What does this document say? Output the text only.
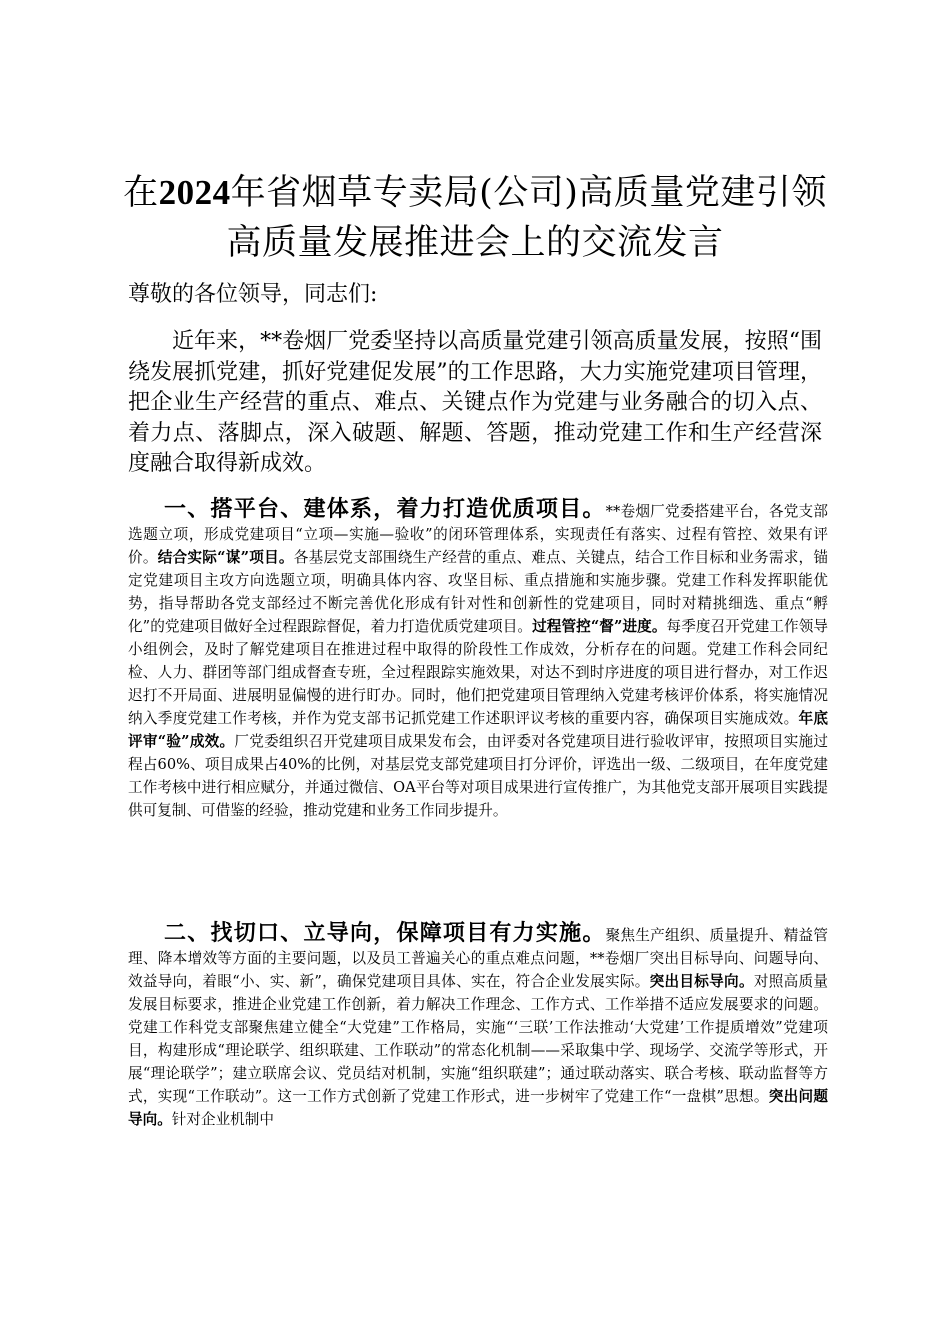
在2024年省烟草专卖局(公司)高质量党建引领
高质量发展推进会上的交流发言

尊敬的各位领导，同志们:

近年来，**卷烟厂党委坚持以高质量党建引领高质量发展，按照“围绕发展抓党建，抓好党建促发展”的工作思路，大力实施党建项目管理，把企业生产经营的重点、难点、关键点作为党建与业务融合的切入点、着力点、落脚点，深入破题、解题、答题，推动党建工作和生产经营深度融合取得新成效。

一、搭平台、建体系，着力打造优质项目。**卷烟厂党委搭建平台，各党支部选题立项，形成党建项目“立项—实施—验收”的闭环管理体系，实现责任有落实、过程有管控、效果有评价。结合实际“谋”项目。各基层党支部围绕生产经营的重点、难点、关键点，结合工作目标和业务需求，锚定党建项目主攻方向选题立项，明确具体内容、攻坚目标、重点措施和实施步骤。党建工作科发挥职能优势，指导帮助各党支部经过不断完善优化形成有针对性和创新性的党建项目，同时对精挑细选、重点“孵化”的党建项目做好全过程跟踪督促，着力打造优质党建项目。过程管控“督”进度。每季度召开党建工作领导小组例会，及时了解党建项目在推进过程中取得的阶段性工作成效，分析存在的问题。党建工作科会同纪检、人力、群团等部门组成督查专班，全过程跟踪实施效果，对达不到时序进度的项目进行督办，对工作迟迟打不开局面、进展明显偏慢的进行盯办。同时，他们把党建项目管理纳入党建考核评价体系，将实施情况纳入季度党建工作考核，并作为党支部书记抓党建工作述职评议考核的重要内容，确保项目实施成效。年底评审“验”成效。厂党委组织召开党建项目成果发布会，由评委对各党建项目进行验收评审，按照项目实施过程占60%、项目成果占40%的比例，对基层党支部党建项目打分评价，评选出一级、二级项目，在年度党建工作考核中进行相应赋分，并通过微信、OA平台等对项目成果进行宣传推广，为其他党支部开展项目实践提供可复制、可借鉴的经验，推动党建和业务工作同步提升。

二、找切口、立导向，保障项目有力实施。聚焦生产组织、质量提升、精益管理、降本增效等方面的主要问题，以及员工普遍关心的重点难点问题，**卷烟厂突出目标导向、问题导向、效益导向，着眼“小、实、新”，确保党建项目具体、实在，符合企业发展实际。突出目标导向。对照高质量发展目标要求，推进企业党建工作创新，着力解决工作理念、工作方式、工作举措不适应发展要求的问题。党建工作科党支部聚焦建立健全“大党建”工作格局，实施“‘三联’工作法推动‘大党建’工作提质增效”党建项目，构建形成“理论联学、组织联建、工作联动”的常态化机制——采取集中学、现场学、交流学等形式，开展“理论联学”；建立联席会议、党员结对机制，实施“组织联建”；通过联动落实、联合考核、联动监督等方式，实现“工作联动”。这一工作方式创新了党建工作形式，进一步树牢了党建工作“一盘棋”思想。突出问题导向。针对企业机制中
